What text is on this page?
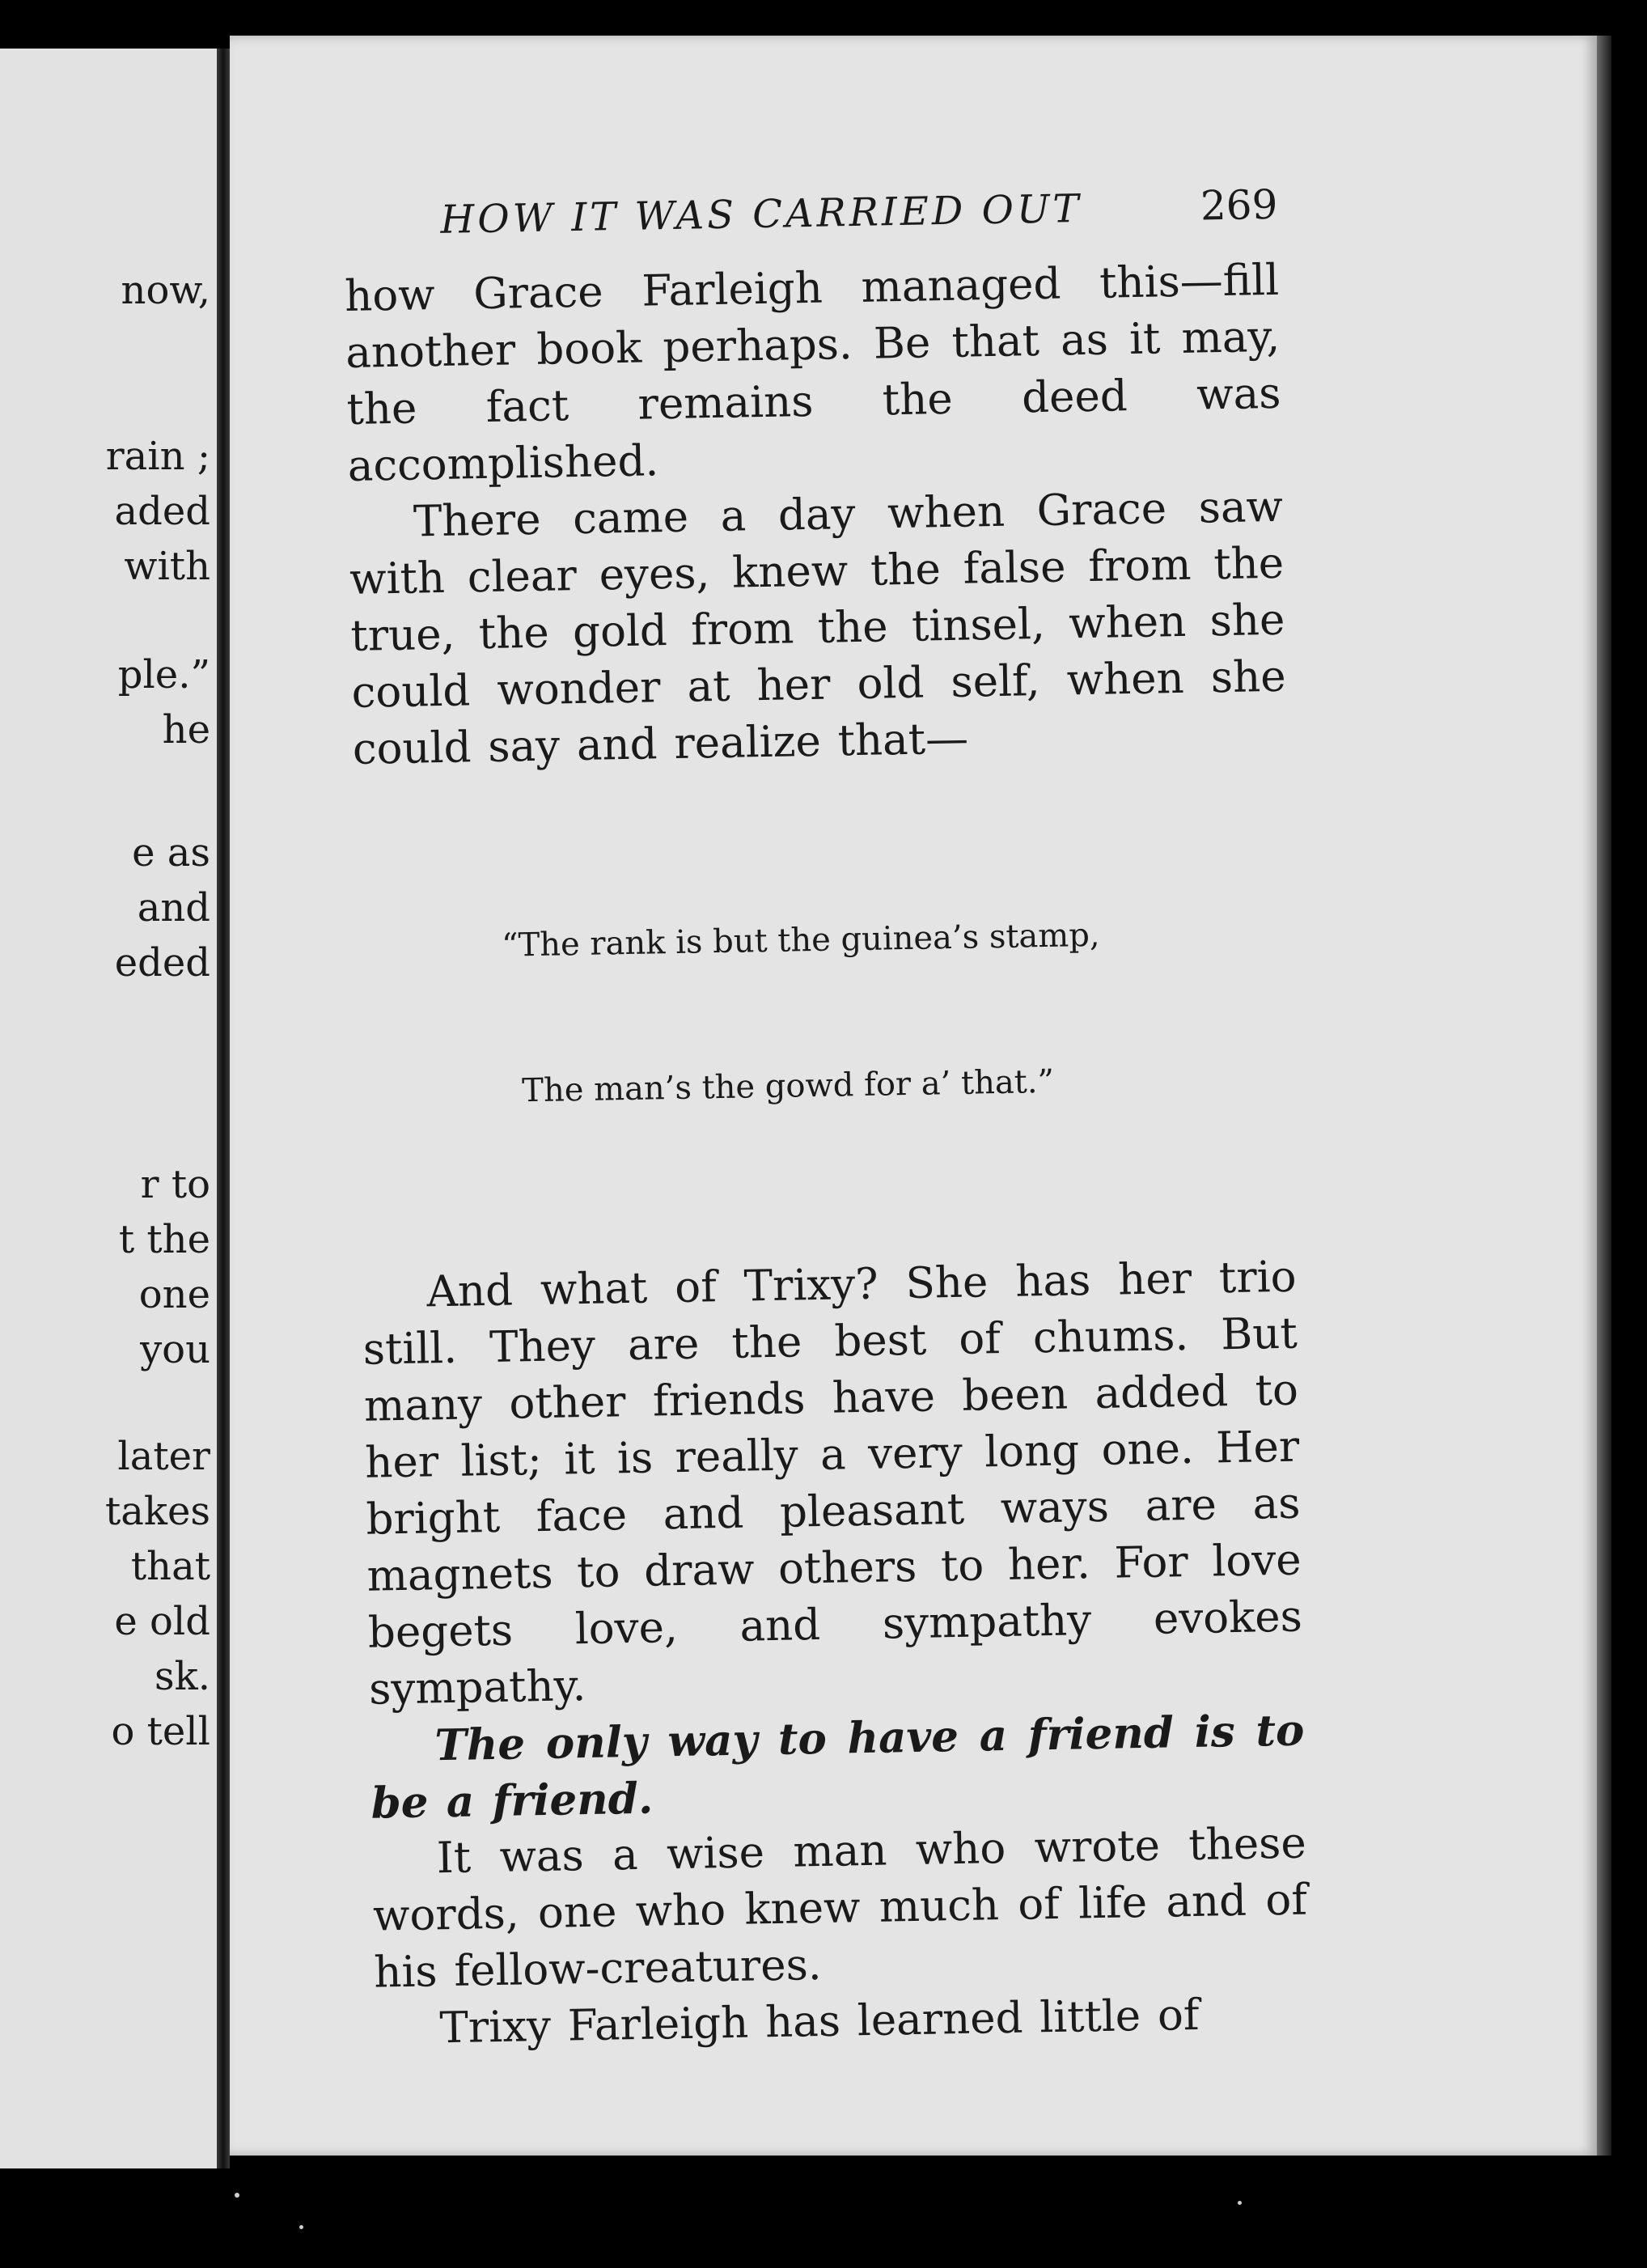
now,
rain ;
aded
with
ple.”
he
e as
and
eded
r to
t the
one
you
later
takes
that
e old
sk.
o tell
HOW IT WAS CARRIED OUT	269

how Grace Farleigh managed this—fill another book perhaps. Be that as it may, the fact remains the deed was accomplished.

There came a day when Grace saw with clear eyes, knew the false from the true, the gold from the tinsel, when she could wonder at her old self, when she could say and realize that—

“The rank is but the guinea’s stamp,

The man’s the gowd for a’ that.”

And what of Trixy? She has her trio still. They are the best of chums. But many other friends have been added to her list; it is really a very long one. Her bright face and pleasant ways are as magnets to draw others to her. For love begets love, and sympathy evokes sympathy.

The only way to have a friend is to be a friend.

It was a wise man who wrote these words, one who knew much of life and of his fellow-creatures.

Trixy Farleigh has learned little of
